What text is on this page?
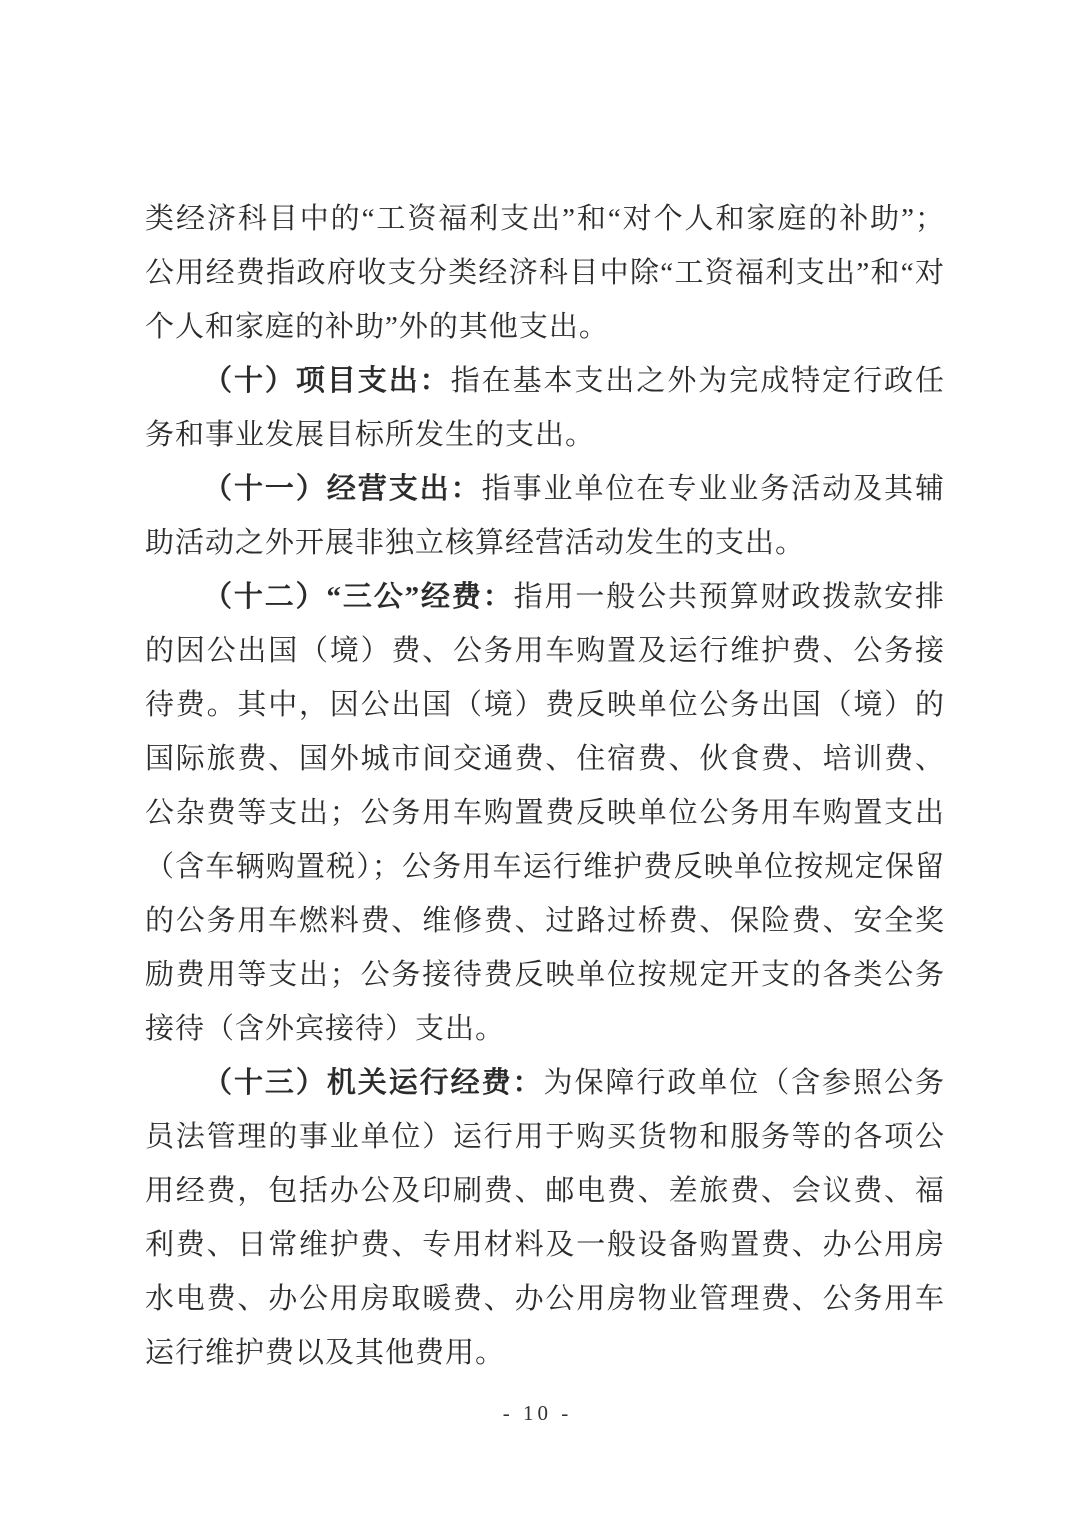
类经济科目中的“工资福利支出”和“对个人和家庭的补助”；公用经费指政府收支分类经济科目中除“工资福利支出”和“对个人和家庭的补助”外的其他支出。

（十）项目支出：指在基本支出之外为完成特定行政任务和事业发展目标所发生的支出。

（十一）经营支出：指事业单位在专业业务活动及其辅助活动之外开展非独立核算经营活动发生的支出。

（十二）“三公”经费：指用一般公共预算财政拨款安排的因公出国（境）费、公务用车购置及运行维护费、公务接待费。其中，因公出国（境）费反映单位公务出国（境）的国际旅费、国外城市间交通费、住宿费、伙食费、培训费、公杂费等支出；公务用车购置费反映单位公务用车购置支出（含车辆购置税）；公务用车运行维护费反映单位按规定保留的公务用车燃料费、维修费、过路过桥费、保险费、安全奖励费用等支出；公务接待费反映单位按规定开支的各类公务接待（含外宾接待）支出。

（十三）机关运行经费：为保障行政单位（含参照公务员法管理的事业单位）运行用于购买货物和服务等的各项公用经费，包括办公及印刷费、邮电费、差旅费、会议费、福利费、日常维护费、专用材料及一般设备购置费、办公用房水电费、办公用房取暖费、办公用房物业管理费、公务用车运行维护费以及其他费用。

- 10 -
